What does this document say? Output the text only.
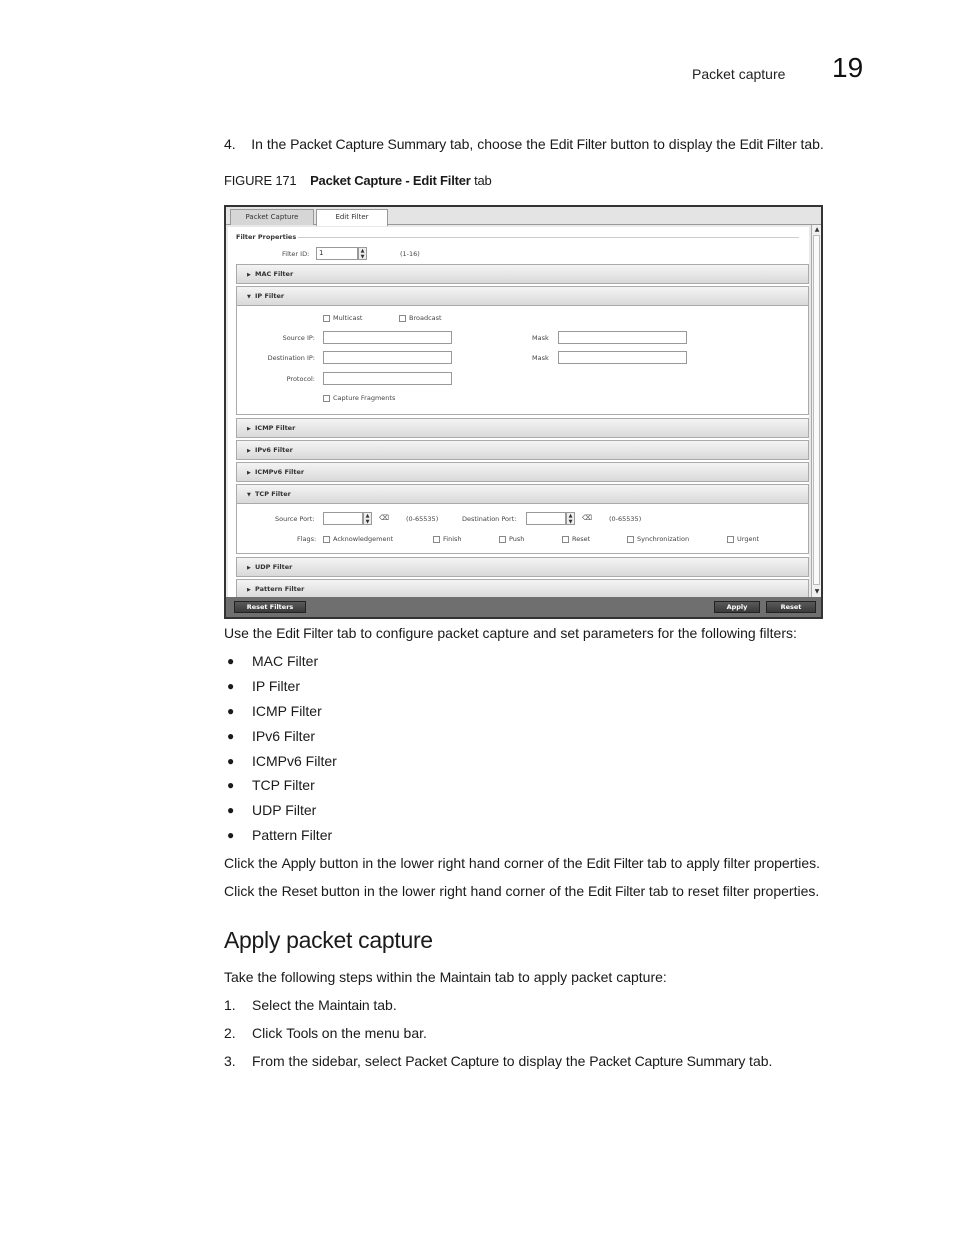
Packet capture 19
4. In the Packet Capture Summary tab, choose the Edit Filter button to display the Edit Filter tab.
FIGURE 171 Packet Capture - Edit Filter tab
Packet Capture	Edit Filter
Filter Properties
Filter ID:	1	▲
▼	(1-16)
▶ MAC Filter
▼ IP Filter
Multicast	Broadcast
Source IP:	Mask
Destination IP:	Mask
Protocol:
Capture Fragments
▶ ICMP Filter
▶ IPv6 Filter
▶ ICMPv6 Filter
▼ TCP Filter
Source Port:	▲
▼	⌫	(0-65535)	Destination Port:	▲
▼	⌫	(0-65535)
Flags:	Acknowledgement	Finish	Push	Reset	Synchronization	Urgent
▶ UDP Filter
▶ Pattern Filter
▲
▼
Reset Filters	Apply	Reset
Use the Edit Filter tab to configure packet capture and set parameters for the following filters:
● MAC Filter
● IP Filter
● ICMP Filter
● IPv6 Filter
● ICMPv6 Filter
● TCP Filter
● UDP Filter
● Pattern Filter
Click the Apply button in the lower right hand corner of the Edit Filter tab to apply filter properties.
Click the Reset button in the lower right hand corner of the Edit Filter tab to reset filter properties.
Apply packet capture
Take the following steps within the Maintain tab to apply packet capture:
1. Select the Maintain tab.
2. Click Tools on the menu bar.
3. From the sidebar, select Packet Capture to display the Packet Capture Summary tab.
